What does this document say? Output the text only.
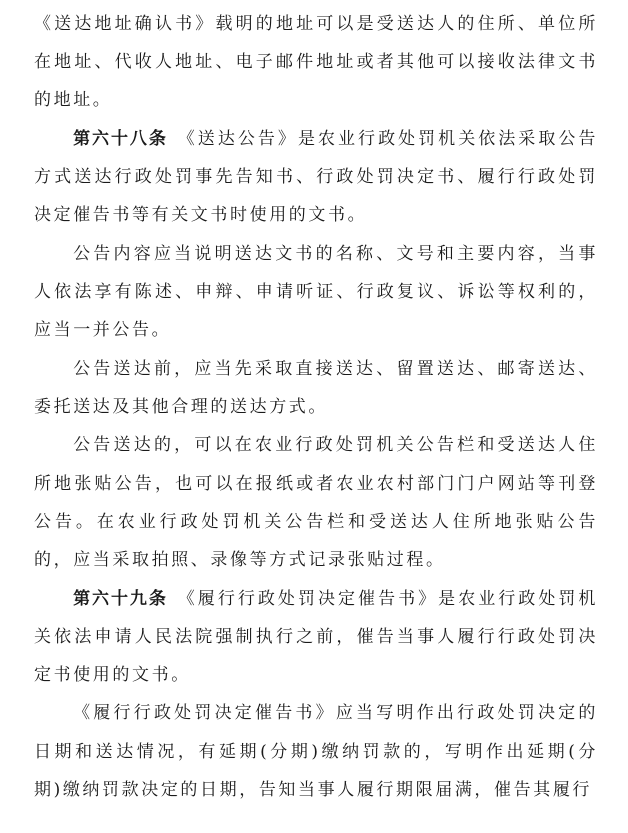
《送达地址确认书》载明的地址可以是受送达人的住所、单位所在地址、代收人地址、电子邮件地址或者其他可以接收法律文书的地址。

第六十八条 《送达公告》是农业行政处罚机关依法采取公告方式送达行政处罚事先告知书、行政处罚决定书、履行行政处罚决定催告书等有关文书时使用的文书。

公告内容应当说明送达文书的名称、文号和主要内容，当事人依法享有陈述、申辩、申请听证、行政复议、诉讼等权利的，应当一并公告。

公告送达前，应当先采取直接送达、留置送达、邮寄送达、委托送达及其他合理的送达方式。

公告送达的，可以在农业行政处罚机关公告栏和受送达人住所地张贴公告，也可以在报纸或者农业农村部门门户网站等刊登公告。在农业行政处罚机关公告栏和受送达人住所地张贴公告的，应当采取拍照、录像等方式记录张贴过程。

第六十九条 《履行行政处罚决定催告书》是农业行政处罚机关依法申请人民法院强制执行之前，催告当事人履行行政处罚决定书使用的文书。

《履行行政处罚决定催告书》应当写明作出行政处罚决定的日期和送达情况，有延期(分期)缴纳罚款的，写明作出延期(分期)缴纳罚款决定的日期，告知当事人履行期限届满，催告其履行
